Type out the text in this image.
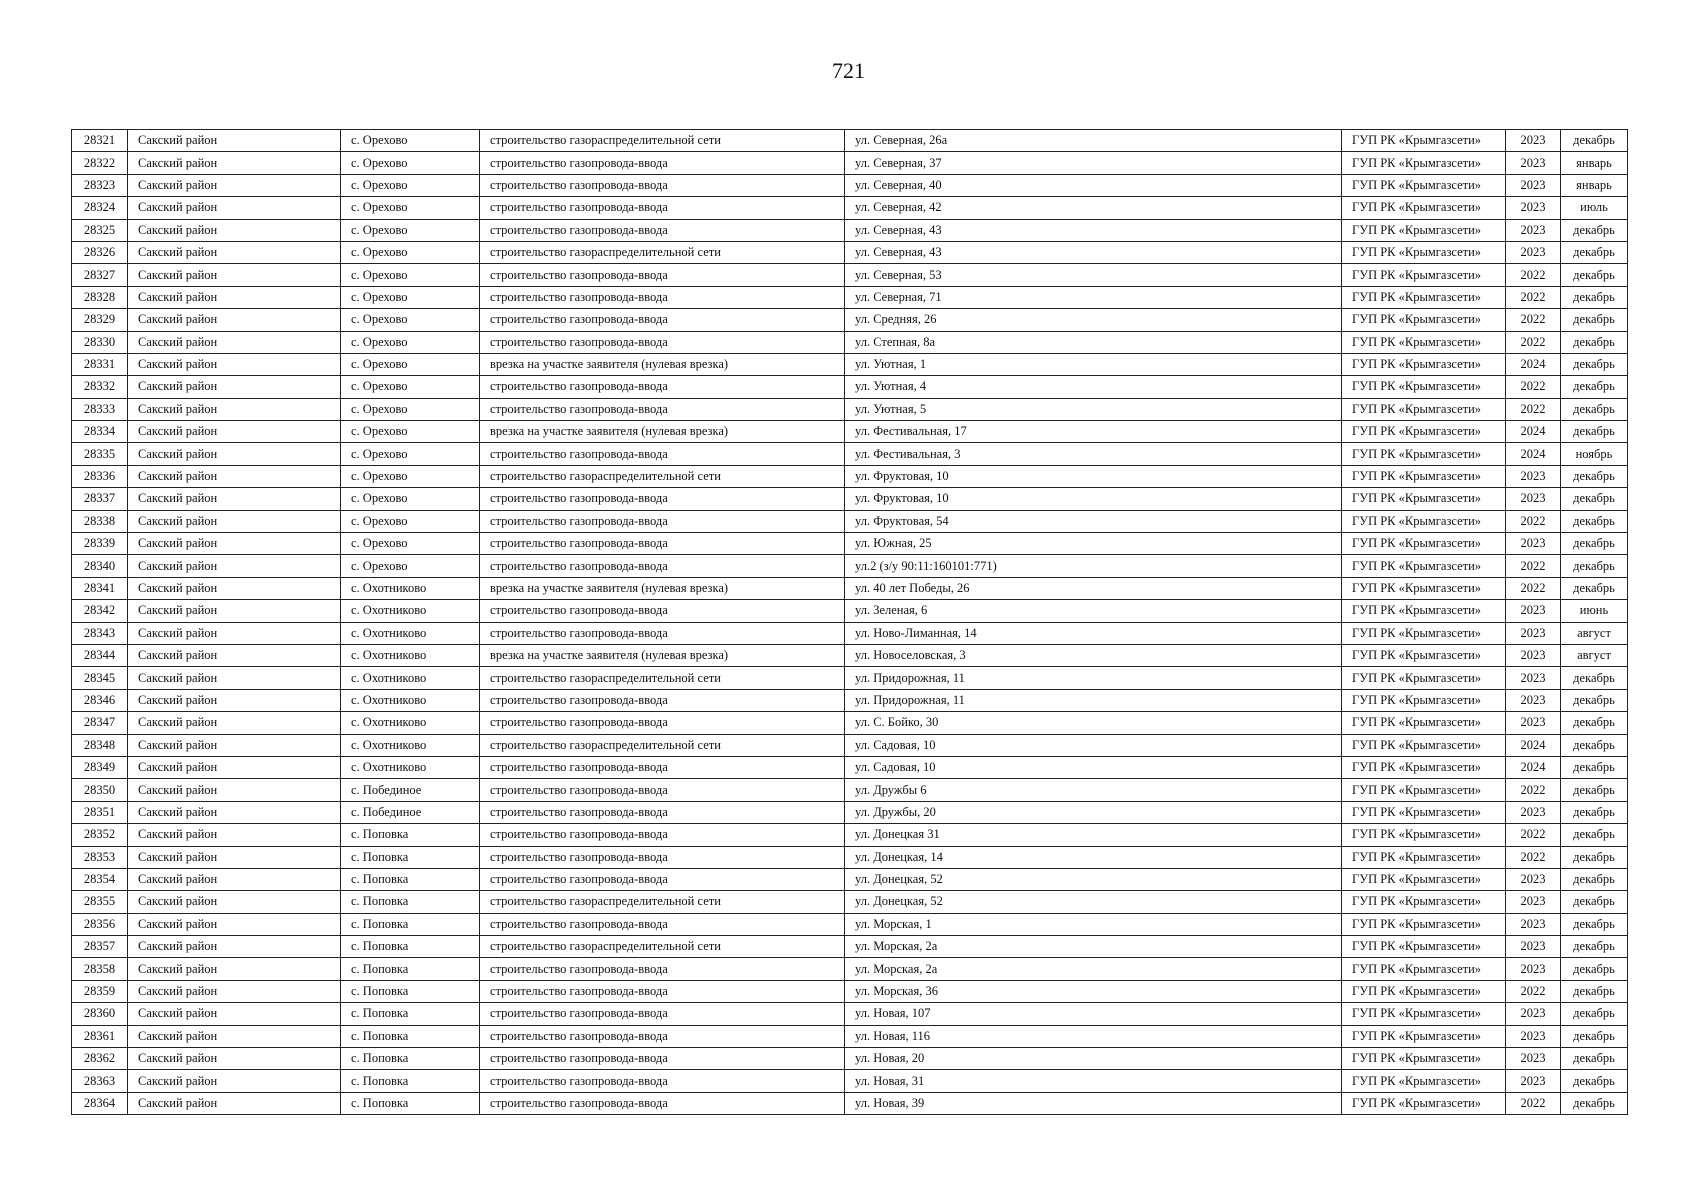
721
28321	Сакский район	с. Орехово	строительство газораспределительной сети	ул. Северная, 26а	ГУП РК «Крымгазсети»	2023	декабрь
28322	Сакский район	с. Орехово	строительство газопровода-ввода	ул. Северная, 37	ГУП РК «Крымгазсети»	2023	январь
28323	Сакский район	с. Орехово	строительство газопровода-ввода	ул. Северная, 40	ГУП РК «Крымгазсети»	2023	январь
28324	Сакский район	с. Орехово	строительство газопровода-ввода	ул. Северная, 42	ГУП РК «Крымгазсети»	2023	июль
28325	Сакский район	с. Орехово	строительство газопровода-ввода	ул. Северная, 43	ГУП РК «Крымгазсети»	2023	декабрь
28326	Сакский район	с. Орехово	строительство газораспределительной сети	ул. Северная, 43	ГУП РК «Крымгазсети»	2023	декабрь
28327	Сакский район	с. Орехово	строительство газопровода-ввода	ул. Северная, 53	ГУП РК «Крымгазсети»	2022	декабрь
28328	Сакский район	с. Орехово	строительство газопровода-ввода	ул. Северная, 71	ГУП РК «Крымгазсети»	2022	декабрь
28329	Сакский район	с. Орехово	строительство газопровода-ввода	ул. Средняя, 26	ГУП РК «Крымгазсети»	2022	декабрь
28330	Сакский район	с. Орехово	строительство газопровода-ввода	ул. Степная, 8а	ГУП РК «Крымгазсети»	2022	декабрь
28331	Сакский район	с. Орехово	врезка на участке заявителя (нулевая врезка)	ул. Уютная, 1	ГУП РК «Крымгазсети»	2024	декабрь
28332	Сакский район	с. Орехово	строительство газопровода-ввода	ул. Уютная, 4	ГУП РК «Крымгазсети»	2022	декабрь
28333	Сакский район	с. Орехово	строительство газопровода-ввода	ул. Уютная, 5	ГУП РК «Крымгазсети»	2022	декабрь
28334	Сакский район	с. Орехово	врезка на участке заявителя (нулевая врезка)	ул. Фестивальная, 17	ГУП РК «Крымгазсети»	2024	декабрь
28335	Сакский район	с. Орехово	строительство газопровода-ввода	ул. Фестивальная, 3	ГУП РК «Крымгазсети»	2024	ноябрь
28336	Сакский район	с. Орехово	строительство газораспределительной сети	ул. Фруктовая, 10	ГУП РК «Крымгазсети»	2023	декабрь
28337	Сакский район	с. Орехово	строительство газопровода-ввода	ул. Фруктовая, 10	ГУП РК «Крымгазсети»	2023	декабрь
28338	Сакский район	с. Орехово	строительство газопровода-ввода	ул. Фруктовая, 54	ГУП РК «Крымгазсети»	2022	декабрь
28339	Сакский район	с. Орехово	строительство газопровода-ввода	ул. Южная, 25	ГУП РК «Крымгазсети»	2023	декабрь
28340	Сакский район	с. Орехово	строительство газопровода-ввода	ул.2 (з/у 90:11:160101:771)	ГУП РК «Крымгазсети»	2022	декабрь
28341	Сакский район	с. Охотниково	врезка на участке заявителя (нулевая врезка)	ул. 40 лет Победы, 26	ГУП РК «Крымгазсети»	2022	декабрь
28342	Сакский район	с. Охотниково	строительство газопровода-ввода	ул. Зеленая, 6	ГУП РК «Крымгазсети»	2023	июнь
28343	Сакский район	с. Охотниково	строительство газопровода-ввода	ул. Ново-Лиманная, 14	ГУП РК «Крымгазсети»	2023	август
28344	Сакский район	с. Охотниково	врезка на участке заявителя (нулевая врезка)	ул. Новоселовская, 3	ГУП РК «Крымгазсети»	2023	август
28345	Сакский район	с. Охотниково	строительство газораспределительной сети	ул. Придорожная, 11	ГУП РК «Крымгазсети»	2023	декабрь
28346	Сакский район	с. Охотниково	строительство газопровода-ввода	ул. Придорожная, 11	ГУП РК «Крымгазсети»	2023	декабрь
28347	Сакский район	с. Охотниково	строительство газопровода-ввода	ул. С. Бойко, 30	ГУП РК «Крымгазсети»	2023	декабрь
28348	Сакский район	с. Охотниково	строительство газораспределительной сети	ул. Садовая, 10	ГУП РК «Крымгазсети»	2024	декабрь
28349	Сакский район	с. Охотниково	строительство газопровода-ввода	ул. Садовая, 10	ГУП РК «Крымгазсети»	2024	декабрь
28350	Сакский район	с. Побединое	строительство газопровода-ввода	ул. Дружбы 6	ГУП РК «Крымгазсети»	2022	декабрь
28351	Сакский район	с. Побединое	строительство газопровода-ввода	ул. Дружбы, 20	ГУП РК «Крымгазсети»	2023	декабрь
28352	Сакский район	с. Поповка	строительство газопровода-ввода	ул. Донецкая 31	ГУП РК «Крымгазсети»	2022	декабрь
28353	Сакский район	с. Поповка	строительство газопровода-ввода	ул. Донецкая, 14	ГУП РК «Крымгазсети»	2022	декабрь
28354	Сакский район	с. Поповка	строительство газопровода-ввода	ул. Донецкая, 52	ГУП РК «Крымгазсети»	2023	декабрь
28355	Сакский район	с. Поповка	строительство газораспределительной сети	ул. Донецкая, 52	ГУП РК «Крымгазсети»	2023	декабрь
28356	Сакский район	с. Поповка	строительство газопровода-ввода	ул. Морская, 1	ГУП РК «Крымгазсети»	2023	декабрь
28357	Сакский район	с. Поповка	строительство газораспределительной сети	ул. Морская, 2а	ГУП РК «Крымгазсети»	2023	декабрь
28358	Сакский район	с. Поповка	строительство газопровода-ввода	ул. Морская, 2а	ГУП РК «Крымгазсети»	2023	декабрь
28359	Сакский район	с. Поповка	строительство газопровода-ввода	ул. Морская, 36	ГУП РК «Крымгазсети»	2022	декабрь
28360	Сакский район	с. Поповка	строительство газопровода-ввода	ул. Новая, 107	ГУП РК «Крымгазсети»	2023	декабрь
28361	Сакский район	с. Поповка	строительство газопровода-ввода	ул. Новая, 116	ГУП РК «Крымгазсети»	2023	декабрь
28362	Сакский район	с. Поповка	строительство газопровода-ввода	ул. Новая, 20	ГУП РК «Крымгазсети»	2023	декабрь
28363	Сакский район	с. Поповка	строительство газопровода-ввода	ул. Новая, 31	ГУП РК «Крымгазсети»	2023	декабрь
28364	Сакский район	с. Поповка	строительство газопровода-ввода	ул. Новая, 39	ГУП РК «Крымгазсети»	2022	декабрь
